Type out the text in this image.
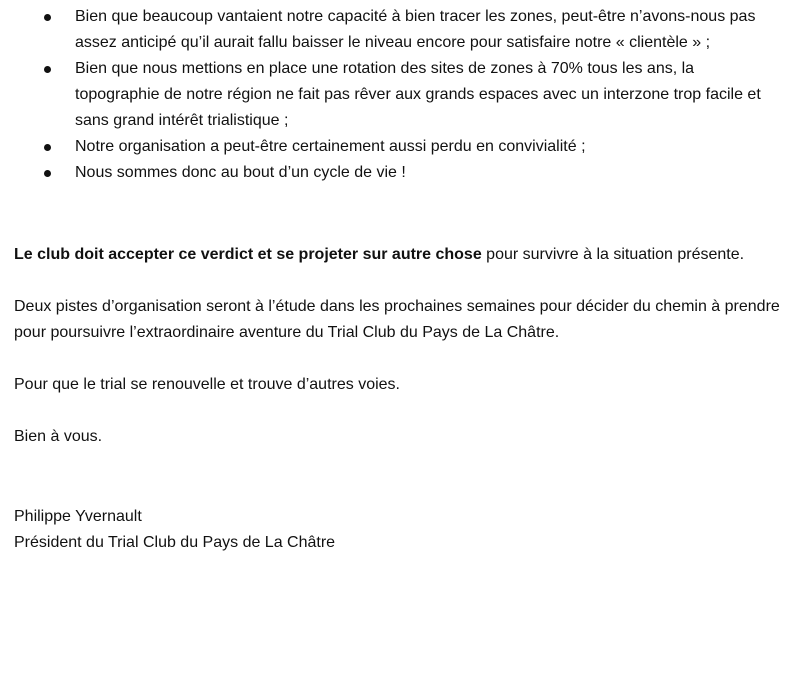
Bien que beaucoup vantaient notre capacité à bien tracer les zones, peut-être n’avons-nous pas assez anticipé qu’il aurait fallu baisser le niveau encore pour satisfaire notre « clientèle » ;
Bien que nous mettions en place une rotation des sites de zones à 70% tous les ans, la topographie de notre région ne fait pas rêver aux grands espaces avec un interzone trop facile et sans grand intérêt trialistique ;
Notre organisation a peut-être certainement aussi perdu en convivialité ;
Nous sommes donc au bout d’un cycle de vie !

Le club doit accepter ce verdict et se projeter sur autre chose pour survivre à la situation présente.

Deux pistes d’organisation seront à l’étude dans les prochaines semaines pour décider du chemin à prendre pour poursuivre l’extraordinaire aventure du Trial Club du Pays de La Châtre.

Pour que le trial se renouvelle et trouve d’autres voies.

Bien à vous.

Philippe Yvernault

Président du Trial Club du Pays de La Châtre
